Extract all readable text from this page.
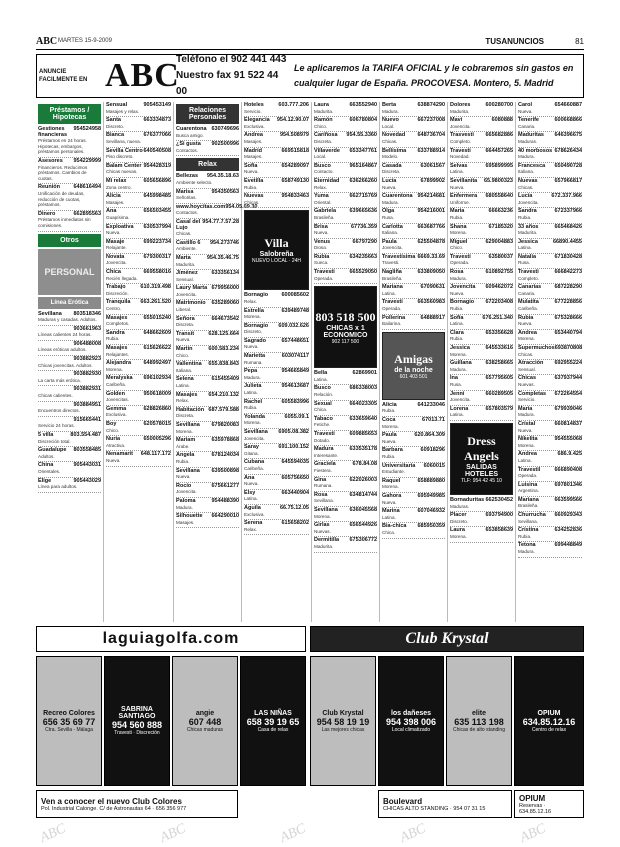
ABC MARTES 15-9-2009	TUSANUNCIOS	81
ANUNCIE FACILMENTE EN ABC
Teléfono el 902 441 443
Nuestro fax 91 522 44 00
Le aplicaremos la TARIFA OFICIAL y le cobraremos sin gastos en
cualquier lugar de España. PROCOVESA. Montero, 5. Madrid
Préstamos / Hipotecas
Gestiones financieras
954524958
Préstamos en 24 horas. Hipotecas, embargos, préstamos personales.
Asesores 954229999
Financieros. Reducimos préstamos. Cambios de cuotas.
Reunión 648616494
Unificación de deudas, reducción de cuotas, préstamos.
Dinero	662895563
Préstamos inmediatos sin comisiones.
Otros
PERSONAL
Línea Erótica
Sevillana 803518346
Maduras y casadas. Adultos.
903661963
Líneas calientes 24 horas.
906488008
Líneas eróticas adultos.
903882923
Chicas jovencitas. Adultos.
903882930
La carta más erótica.
903882931
Chicas calientes.
903884951
Encuentros directos.
915665441
Servicio 24 horas.
5 villa	803.554.487
Discreción total.
Guadalupe 803558485
Adultos.
China	905443031
Orientales.
Elige	905443029
Línea para adultos.
Sensual	905453149
Masajes y relax.
Santa	663334873
Discreto.
Bianca	676377066
Sevillana, nueva.
Sevilla Centro 640540508
Piso discreto.
Balam Center 954428319
Chicas nuevas.
Mi relax	605656896
Zona centro.
Alicia	645998485
Masajes.
Ana	656503455
Guapísima.
Exploativa 630537994
Nueva.
Masaje	699223734
Relajante.
Novata	679300317
Jovencita.
Chica	669558016
Recién llegada.
Trabajo	610.319.498
Discreción.
Tranquila 663.261.520
Centro.
Masajes	655015240
Completos.
Sandra	648662609
Rubia.
Masajes	615626622
Relajantes.
Alejandra 648992497
Morena.
Meralyska 696102934
Caribeña.
Golden	950618009
Jovencitas.
Gemma	628826860
Exclusiva.
Boy	620578015
Chico.
Nuria	650005296
Atractiva.
Nenamarit 648.117.172
Nueva.
Relaciones Personales
Cuarentona 630749696
Busca amigo.
¿Si gusta 902500996
Contactos.
Relax
Bellezas 954.35.18.63
Ambiente selecto.
Marisa	954350563
Señoritas.
www.hoycitas.com 954.05.09.30
Contactos.
Casal del Lujo
954.77.7.57.28
Chicas.
Castillo 6 954.273746
Ambiente.
Marta	954.35.46.75
Madurita.
Jiménez	633356134
Sensual.
Laury Marta 679956000
Jovencita.
Matrimonio 635289060
Liberal.
Señora	664673542
Discreta.
Transit	628.125.664
Nueva.
Martín	600.583.234
Chico.
Vallentina 655.838.843
Italiana.
Selena	615455409
Latina.
Masajes 654.210.132
Relax.
Habitación 687.579.588
Discreta.
Sevillana 679820083
Morena.
Mariam	635978868
Árabe.
Angela	678124034
Rubia.
Sevillana 639500898
Nueva.
Rocío	675661277
Jovencita.
Paloma	954488390
Madura.
Silhouette 664290010
Masajes.
Hoteles	603.777.206
Servicio.
Elegancia 954.12.90.07
Exclusiva.
Andrea	954.508979
Masajes.
Madrid	669515818
Masajes.
Sofia	654289097
Nueva.
Evetilla	658749130
Rubia.
Nuevas	954833463
Chicas.
Villa
Salobreña
NUEVO LOCAL · 24H
Bornagio 600085602
Relax.
Estrella	639489748
Morena.
Bornagio 609.032.626
Discreto.
Sagrado	657448651
Nueva.
Marietta	603074117
Rumana.
Pepa	954665849
Madura.
Julieta	954613687
Latina.
Rachel	605583996
Rubia.
Yolanda	6055.09.1
Morena.
Sevillana 6905.08.382
Jovencita.
Saray	691.100.152
Gitana.
Cubana	645594035
Caribeña.
Ana	605756650
Nueva.
Elsy	663440904
Latina.
Aguila	66.75.12.05
Exclusiva.
Serena	615658202
Relax.
Laura	663552940
Madurita.
Ramón	606780804
Chico.
Caríñosa 954.55.3360
Discreta.
Villaverde 653347761
Local.
Busco	965164867
Contacto.
Eternidad 636266260
Relax.
Yuma	662715769
Oriental.
Gabriela 639665636
Brasileña.
Brisa	67736.359
Nueva.
Venus	66797290
Diosa.
Rubia	634235663
Sueca.
Travesti	665529050
Operada.
803 518 500
CHICAS x 1 ECONOMICO
902 117 500
Bella	62869901
Latina.
Busco	686338003
Relación.
Sexual	664023305
Chica.
Tabaco	633659640
Fetiche.
Travesti	609885653
Dotado.
Madura	633535178
Interesante.
Graciela	678.84.08
Fiestera.
Gina	622026003
Rumana.
Rosa	634814744
Sevillana.
Sevillana 636045568
Morena.
Girlas	656544926
Nuevas.
Dermitilla 675306772
Madurita.
Berta	638874290
Madura.
Nuevo	667237008
Local.
Novedad 648736704
Chicas.
Bellísima 633788914
Modelo.
Casada	63061567
Discreta.
Lucía	67899902
Nueva.
Cuarentona 954214681
Madura.
Olga	954216001
Rusa.
Carlotta	663687766
Italiana.
Paula	625504878
Jovencita.
Travestísima 6669.33.69
Travesti.
Nagliña	633809050
Brasileña.
Mariana	67090631
Latina.
Travesti	663560983
Operada.
Pollerina	64888917
Bailarina.
Amigas
de la noche
601 403 501
Alicia	641233046
Rubia.
Coca	67013.71
Morena.
Paula	620.864.309
Nueva.
Barbara	60918296
Rubia.
Universitaria 6060015
Estudiante.
Raquel	658889880
Morena.
Gahora	695949985
Nueva.
Marina	607046932
Latina.
Bia-chica 685950359
Chica.
Dolores	600280700
Madurita.
Mavi	6080888
Jovencita.
Trasvesti 665682886
Completo.
Travesti	664457265
Novedad.
Selvas	695899995
Latina.
Sevillanita 65.9800323
Nueva.
Enfermera 680558640
Uniforme.
Maria	66663236
Rubia.
Shana	67185320
Morena.
Miguel	629004883
Chico.
Travesti	63580037
Operada.
Rosa	610892755
Madura.
Jovencita 609462072
Nueva.
Bornagio 672203408
Rubia.
Sofía	676.251.340
Latina.
Clara	653356628
Rubia.
Jessica	645533616
Morena.
Guillana	638258665
Madura.
Ina	657795605
Rusa.
Jenni	660289505
Jovencita.
Lorena	657803579
Latina.
Dress Angels
SALIDAS HOTELES
TLF: 954 42 45 10
Bornaduritas 662530452
Maduras.
Placer	693794900
Discreto.
Laura	653858639
Morena.
Carol	654660887
Nueva.
Tenerife	600668866
Canaria.
Maduritas 646396675
Maduras.
40 morbosos 678626434
Madura.
Francesca 650490728
Italiana.
Nuevas	657966817
Chicas.
Lucía	672.337.966
Jovencita.
Sandra	672337966
Rubia.
33 años	665468426
Madurita.
Jessica	66890.4455
Latina.
Natalia	671830428
Rusa.
Travesti	666842273
Completo.
Canarias 687228290
Canaria.
Mulatita	677228856
Caribeña.
Rubia	675328666
Nueva.
Andrea	653440794
Morena.
Supermuchos 693870808
Chicas.
Atracción 692955224
Sensual.
Chicas	637937944
Nuevas.
Completas 672264554
Servicio.
Maria	679939046
Madura.
Cristal	660814837
Nueva.
Nikelita	954555068
Morena.
Andrea	686.9.425
Latina.
Travestil	666890408
Operada.
Luisina	697801346
Argentina.
Mariana	663599566
Brasileña.
Churrucha 660929343
Sevillana.
Cristina	634252836
Rubia.
Tetona	699448849
Madura.
laguiagolfa.com	Club Krystal
Recreo Colores
656 35 69 77
Ctra. Sevilla - Málaga
SABRINA SANTIAGO
954 560 888
Travesti · Discreción
angie
607 448
Chicas maduras
LAS NIÑAS
658 39 19 65
Casa de relax
Club Krystal
954 58 19 19
Las mejores chicas
los dañeses
954 398 006
Local climatizado
elite
635 113 198
Chicas de alto standing
OPIUM
634.85.12.16
Centro de relax
Ven a conocer el nuevo Club Colores
Pol. Industrial Calonge. C/ de Astronautas 64 · 656 356 977
Boulevard
CHICAS ALTO STANDING · 954 07 31 15
OPIUM
Reservas · 634.85.12.16
ABC	ABC	ABC	ABC	ABC
